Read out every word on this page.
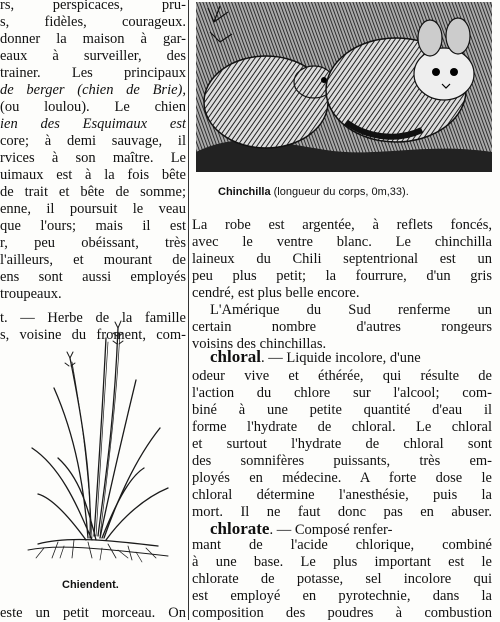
rs, perspicaces, pru-
s, fidèles, courageux.
donner la maison à gar-
eaux à surveiller, des
trainer. Les principaux
de berger (chien de Brie),
(ou loulou). Le chien
ien des Esquimaux est
core; à demi sauvage, il
rvices à son maître. Le
uimaux est à la fois bête
de trait et bête de somme;
enne, il poursuit le veau
que l'ours; mais il est
r, peu obéissant, très
l'ailleurs, et mourant de
ens sont aussi employés
troupeaux.
t. — Herbe de la famille
s, voisine du froment, com-
Chiendent.
este un petit morceau. On
Chinchilla (longueur du corps, 0m,33).
La robe est argentée, à reflets foncés,
avec le ventre blanc. Le chinchilla
laineux du Chili septentrional est un
peu plus petit; la fourrure, d'un gris
cendré, est plus belle encore.
L'Amérique du Sud renferme un
certain nombre d'autres rongeurs
voisins des chinchillas.
chloral. — Liquide incolore, d'une
odeur vive et éthérée, qui résulte de
l'action du chlore sur l'alcool; com-
biné à une petite quantité d'eau il
forme l'hydrate de chloral. Le chloral
et surtout l'hydrate de chloral sont
des somnifères puissants, très em-
ployés en médecine. A forte dose le
chloral détermine l'anesthésie, puis la
mort. Il ne faut donc pas en abuser.
chlorate. — Composé renfer-
mant de l'acide chlorique, combiné
à une base. Le plus important est le
chlorate de potasse, sel incolore qui
est employé en pyrotechnie, dans la
composition des poudres à combustion
